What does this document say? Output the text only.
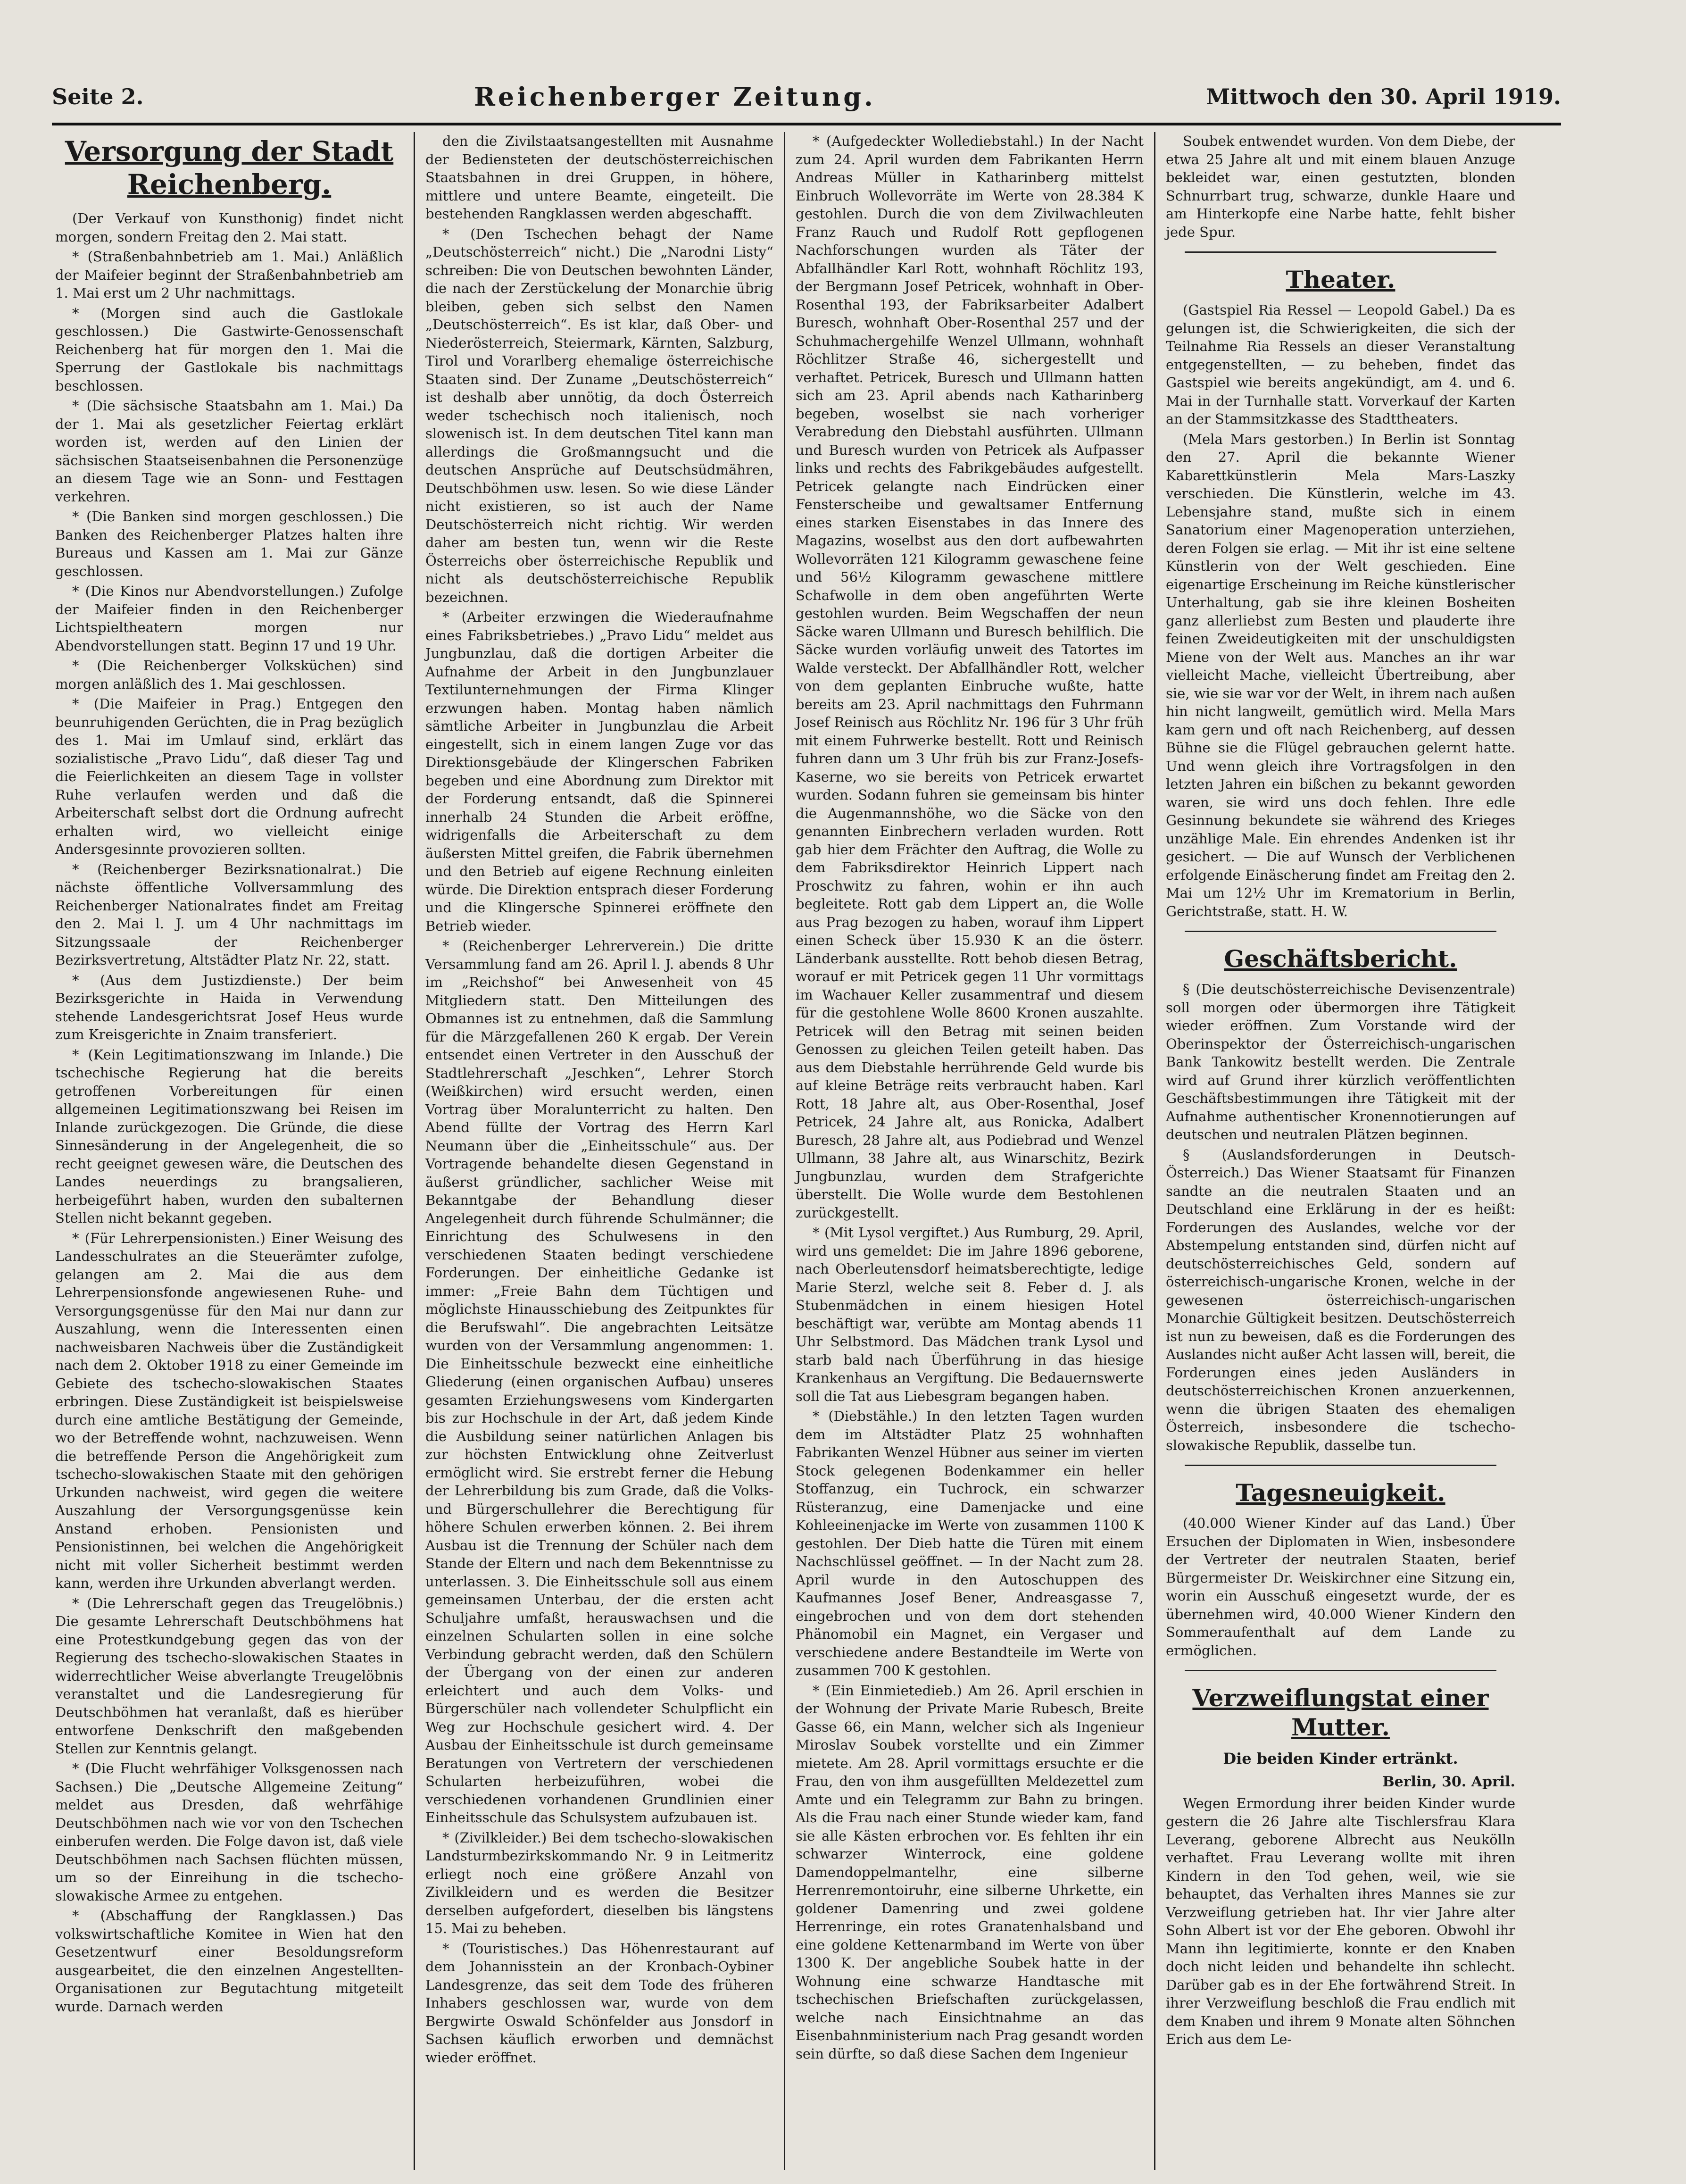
Seite 2.	Reichenberger Zeitung.	Mittwoch den 30. April 1919.
Versorgung der Stadt Reichenberg.

(Der Verkauf von Kunsthonig) findet nicht morgen, sondern Freitag den 2. Mai statt.

* (Straßenbahnbetrieb am 1. Mai.) Anläßlich der Maifeier beginnt der Straßenbahnbetrieb am 1. Mai erst um 2 Uhr nachmittags.

* (Morgen sind auch die Gastlokale geschlossen.) Die Gastwirte-Genossenschaft Reichenberg hat für morgen den 1. Mai die Sperrung der Gastlokale bis nachmittags beschlossen.

* (Die sächsische Staatsbahn am 1. Mai.) Da der 1. Mai als gesetzlicher Feiertag erklärt worden ist, werden auf den Linien der sächsischen Staatseisenbahnen die Personenzüge an diesem Tage wie an Sonn- und Festtagen verkehren.

* (Die Banken sind morgen geschlossen.) Die Banken des Reichenberger Platzes halten ihre Bureaus und Kassen am 1. Mai zur Gänze geschlossen.

* (Die Kinos nur Abendvorstellungen.) Zufolge der Maifeier finden in den Reichenberger Lichtspieltheatern morgen nur Abendvorstellungen statt. Beginn 17 und 19 Uhr.

* (Die Reichenberger Volksküchen) sind morgen anläßlich des 1. Mai geschlossen.

* (Die Maifeier in Prag.) Entgegen den beunruhigenden Gerüchten, die in Prag bezüglich des 1. Mai im Umlauf sind, erklärt das sozialistische „Pravo Lidu“, daß dieser Tag und die Feierlichkeiten an diesem Tage in vollster Ruhe verlaufen werden und daß die Arbeiterschaft selbst dort die Ordnung aufrecht erhalten wird, wo vielleicht einige Andersgesinnte provozieren sollten.

* (Reichenberger Bezirksnationalrat.) Die nächste öffentliche Vollversammlung des Reichenberger Nationalrates findet am Freitag den 2. Mai l. J. um 4 Uhr nachmittags im Sitzungssaale der Reichenberger Bezirksvertretung, Altstädter Platz Nr. 22, statt.

* (Aus dem Justizdienste.) Der beim Bezirksgerichte in Haida in Verwendung stehende Landesgerichtsrat Josef Heus wurde zum Kreisgerichte in Znaim transferiert.

* (Kein Legitimationszwang im Inlande.) Die tschechische Regierung hat die bereits getroffenen Vorbereitungen für einen allgemeinen Legitimationszwang bei Reisen im Inlande zurückgezogen. Die Gründe, die diese Sinnesänderung in der Angelegenheit, die so recht geeignet gewesen wäre, die Deutschen des Landes neuerdings zu brangsalieren, herbeigeführt haben, wurden den subalternen Stellen nicht bekannt gegeben.

* (Für Lehrerpensionisten.) Einer Weisung des Landesschulrates an die Steuerämter zufolge, gelangen am 2. Mai die aus dem Lehrerpensionsfonde angewiesenen Ruhe- und Versorgungsgenüsse für den Mai nur dann zur Auszahlung, wenn die Interessenten einen nachweisbaren Nachweis über die Zuständigkeit nach dem 2. Oktober 1918 zu einer Gemeinde im Gebiete des tschecho-slowakischen Staates erbringen. Diese Zuständigkeit ist beispielsweise durch eine amtliche Bestätigung der Gemeinde, wo der Betreffende wohnt, nachzuweisen. Wenn die betreffende Person die Angehörigkeit zum tschecho-slowakischen Staate mit den gehörigen Urkunden nachweist, wird gegen die weitere Auszahlung der Versorgungsgenüsse kein Anstand erhoben. Pensionisten und Pensionistinnen, bei welchen die Angehörigkeit nicht mit voller Sicherheit bestimmt werden kann, werden ihre Urkunden abverlangt werden.

* (Die Lehrerschaft gegen das Treugelöbnis.) Die gesamte Lehrerschaft Deutschböhmens hat eine Protestkundgebung gegen das von der Regierung des tschecho-slowakischen Staates in widerrechtlicher Weise abverlangte Treugelöbnis veranstaltet und die Landesregierung für Deutschböhmen hat veranlaßt, daß es hierüber entworfene Denkschrift den maßgebenden Stellen zur Kenntnis gelangt.

* (Die Flucht wehrfähiger Volksgenossen nach Sachsen.) Die „Deutsche Allgemeine Zeitung“ meldet aus Dresden, daß wehrfähige Deutschböhmen nach wie vor von den Tschechen einberufen werden. Die Folge davon ist, daß viele Deutschböhmen nach Sachsen flüchten müssen, um so der Einreihung in die tschecho-slowakische Armee zu entgehen.

* (Abschaffung der Rangklassen.) Das volkswirtschaftliche Komitee in Wien hat den Gesetzentwurf einer Besoldungsreform ausgearbeitet, die den einzelnen Angestellten-Organisationen zur Begutachtung mitgeteilt wurde. Darnach werden

den die Zivilstaatsangestellten mit Ausnahme der Bediensteten der deutschösterreichischen Staatsbahnen in drei Gruppen, in höhere, mittlere und untere Beamte, eingeteilt. Die bestehenden Rangklassen werden abgeschafft.

* (Den Tschechen behagt der Name „Deutschösterreich“ nicht.) Die „Narodni Listy“ schreiben: Die von Deutschen bewohnten Länder, die nach der Zerstückelung der Monarchie übrig bleiben, geben sich selbst den Namen „Deutschösterreich“. Es ist klar, daß Ober- und Niederösterreich, Steiermark, Kärnten, Salzburg, Tirol und Vorarlberg ehemalige österreichische Staaten sind. Der Zuname „Deutschösterreich“ ist deshalb aber unnötig, da doch Österreich weder tschechisch noch italienisch, noch slowenisch ist. In dem deutschen Titel kann man allerdings die Großmanngsucht und die deutschen Ansprüche auf Deutschsüdmähren, Deutschböhmen usw. lesen. So wie diese Länder nicht existieren, so ist auch der Name Deutschösterreich nicht richtig. Wir werden daher am besten tun, wenn wir die Reste Österreichs ober österreichische Republik und nicht als deutschösterreichische Republik bezeichnen.

* (Arbeiter erzwingen die Wiederaufnahme eines Fabriksbetriebes.) „Pravo Lidu“ meldet aus Jungbunzlau, daß die dortigen Arbeiter die Aufnahme der Arbeit in den Jungbunzlauer Textilunternehmungen der Firma Klinger erzwungen haben. Montag haben nämlich sämtliche Arbeiter in Jungbunzlau die Arbeit eingestellt, sich in einem langen Zuge vor das Direktionsgebäude der Klingerschen Fabriken begeben und eine Abordnung zum Direktor mit der Forderung entsandt, daß die Spinnerei innerhalb 24 Stunden die Arbeit eröffne, widrigenfalls die Arbeiterschaft zu dem äußersten Mittel greifen, die Fabrik übernehmen und den Betrieb auf eigene Rechnung einleiten würde. Die Direktion entsprach dieser Forderung und die Klingersche Spinnerei eröffnete den Betrieb wieder.

* (Reichenberger Lehrerverein.) Die dritte Versammlung fand am 26. April l. J. abends 8 Uhr im „Reichshof“ bei Anwesenheit von 45 Mitgliedern statt. Den Mitteilungen des Obmannes ist zu entnehmen, daß die Sammlung für die Märzgefallenen 260 K ergab. Der Verein entsendet einen Vertreter in den Ausschuß der Stadtlehrerschaft „Jeschken“, Lehrer Storch (Weißkirchen) wird ersucht werden, einen Vortrag über Moralunterricht zu halten. Den Abend füllte der Vortrag des Herrn Karl Neumann über die „Einheitsschule“ aus. Der Vortragende behandelte diesen Gegenstand in äußerst gründlicher, sachlicher Weise mit Bekanntgabe der Behandlung dieser Angelegenheit durch führende Schulmänner; die Einrichtung des Schulwesens in den verschiedenen Staaten bedingt verschiedene Forderungen. Der einheitliche Gedanke ist immer: „Freie Bahn dem Tüchtigen und möglichste Hinausschiebung des Zeitpunktes für die Berufswahl“. Die angebrachten Leitsätze wurden von der Versammlung angenommen: 1. Die Einheitsschule bezweckt eine einheitliche Gliederung (einen organischen Aufbau) unseres gesamten Erziehungswesens vom Kindergarten bis zur Hochschule in der Art, daß jedem Kinde die Ausbildung seiner natürlichen Anlagen bis zur höchsten Entwicklung ohne Zeitverlust ermöglicht wird. Sie erstrebt ferner die Hebung der Lehrerbildung bis zum Grade, daß die Volks- und Bürgerschullehrer die Berechtigung für höhere Schulen erwerben können. 2. Bei ihrem Ausbau ist die Trennung der Schüler nach dem Stande der Eltern und nach dem Bekenntnisse zu unterlassen. 3. Die Einheitsschule soll aus einem gemeinsamen Unterbau, der die ersten acht Schuljahre umfaßt, herauswachsen und die einzelnen Schularten sollen in eine solche Verbindung gebracht werden, daß den Schülern der Übergang von der einen zur anderen erleichtert und auch dem Volks- und Bürgerschüler nach vollendeter Schulpflicht ein Weg zur Hochschule gesichert wird. 4. Der Ausbau der Einheitsschule ist durch gemeinsame Beratungen von Vertretern der verschiedenen Schularten herbeizuführen, wobei die verschiedenen vorhandenen Grundlinien einer Einheitsschule das Schulsystem aufzubauen ist.

* (Zivilkleider.) Bei dem tschecho-slowakischen Landsturmbezirkskommando Nr. 9 in Leitmeritz erliegt noch eine größere Anzahl von Zivilkleidern und es werden die Besitzer derselben aufgefordert, dieselben bis längstens 15. Mai zu beheben.

* (Touristisches.) Das Höhenrestaurant auf dem Johannisstein an der Kronbach-Oybiner Landesgrenze, das seit dem Tode des früheren Inhabers geschlossen war, wurde von dem Bergwirte Oswald Schönfelder aus Jonsdorf in Sachsen käuflich erworben und demnächst wieder eröffnet.

* (Aufgedeckter Wollediebstahl.) In der Nacht zum 24. April wurden dem Fabrikanten Herrn Andreas Müller in Katharinberg mittelst Einbruch Wollevorräte im Werte von 28.384 K gestohlen. Durch die von dem Zivilwachleuten Franz Rauch und Rudolf Rott gepflogenen Nachforschungen wurden als Täter der Abfallhändler Karl Rott, wohnhaft Röchlitz 193, der Bergmann Josef Petricek, wohnhaft in Ober-Rosenthal 193, der Fabriksarbeiter Adalbert Buresch, wohnhaft Ober-Rosenthal 257 und der Schuhmachergehilfe Wenzel Ullmann, wohnhaft Röchlitzer Straße 46, sichergestellt und verhaftet. Petricek, Buresch und Ullmann hatten sich am 23. April abends nach Katharinberg begeben, woselbst sie nach vorheriger Verabredung den Diebstahl ausführten. Ullmann und Buresch wurden von Petricek als Aufpasser links und rechts des Fabrikgebäudes aufgestellt. Petricek gelangte nach Eindrücken einer Fensterscheibe und gewaltsamer Entfernung eines starken Eisenstabes in das Innere des Magazins, woselbst aus den dort aufbewahrten Wollevorräten 121 Kilogramm gewaschene feine und 56½ Kilogramm gewaschene mittlere Schafwolle in dem oben angeführten Werte gestohlen wurden. Beim Wegschaffen der neun Säcke waren Ullmann und Buresch behilflich. Die Säcke wurden vorläufig unweit des Tatortes im Walde versteckt. Der Abfallhändler Rott, welcher von dem geplanten Einbruche wußte, hatte bereits am 23. April nachmittags den Fuhrmann Josef Reinisch aus Röchlitz Nr. 196 für 3 Uhr früh mit einem Fuhrwerke bestellt. Rott und Reinisch fuhren dann um 3 Uhr früh bis zur Franz-Josefs-Kaserne, wo sie bereits von Petricek erwartet wurden. Sodann fuhren sie gemeinsam bis hinter die Augenmannshöhe, wo die Säcke von den genannten Einbrechern verladen wurden. Rott gab hier dem Frächter den Auftrag, die Wolle zu dem Fabriksdirektor Heinrich Lippert nach Proschwitz zu fahren, wohin er ihn auch begleitete. Rott gab dem Lippert an, die Wolle aus Prag bezogen zu haben, worauf ihm Lippert einen Scheck über 15.930 K an die österr. Länderbank ausstellte. Rott behob diesen Betrag, worauf er mit Petricek gegen 11 Uhr vormittags im Wachauer Keller zusammentraf und diesem für die gestohlene Wolle 8600 Kronen auszahlte. Petricek will den Betrag mit seinen beiden Genossen zu gleichen Teilen geteilt haben. Das aus dem Diebstahle herrührende Geld wurde bis auf kleine Beträge reits verbraucht haben. Karl Rott, 18 Jahre alt, aus Ober-Rosenthal, Josef Petricek, 24 Jahre alt, aus Ronicka, Adalbert Buresch, 28 Jahre alt, aus Podiebrad und Wenzel Ullmann, 38 Jahre alt, aus Winarschitz, Bezirk Jungbunzlau, wurden dem Strafgerichte überstellt. Die Wolle wurde dem Bestohlenen zurückgestellt.

* (Mit Lysol vergiftet.) Aus Rumburg, 29. April, wird uns gemeldet: Die im Jahre 1896 geborene, nach Oberleutensdorf heimatsberechtigte, ledige Marie Sterzl, welche seit 8. Feber d. J. als Stubenmädchen in einem hiesigen Hotel beschäftigt war, verübte am Montag abends 11 Uhr Selbstmord. Das Mädchen trank Lysol und starb bald nach Überführung in das hiesige Krankenhaus an Vergiftung. Die Bedauernswerte soll die Tat aus Liebesgram begangen haben.

* (Diebstähle.) In den letzten Tagen wurden dem im Altstädter Platz 25 wohnhaften Fabrikanten Wenzel Hübner aus seiner im vierten Stock gelegenen Bodenkammer ein heller Stoffanzug, ein Tuchrock, ein schwarzer Rüsteranzug, eine Damenjacke und eine Kohleeinenjacke im Werte von zusammen 1100 K gestohlen. Der Dieb hatte die Türen mit einem Nachschlüssel geöffnet. — In der Nacht zum 28. April wurde in den Autoschuppen des Kaufmannes Josef Bener, Andreasgasse 7, eingebrochen und von dem dort stehenden Phänomobil ein Magnet, ein Vergaser und verschiedene andere Bestandteile im Werte von zusammen 700 K gestohlen.

* (Ein Einmietedieb.) Am 26. April erschien in der Wohnung der Private Marie Rubesch, Breite Gasse 66, ein Mann, welcher sich als Ingenieur Miroslav Soubek vorstellte und ein Zimmer mietete. Am 28. April vormittags ersuchte er die Frau, den von ihm ausgefüllten Meldezettel zum Amte und ein Telegramm zur Bahn zu bringen. Als die Frau nach einer Stunde wieder kam, fand sie alle Kästen erbrochen vor. Es fehlten ihr ein schwarzer Winterrock, eine goldene Damendoppelmantelhr, eine silberne Herrenremontoiruhr, eine silberne Uhrkette, ein goldener Damenring und zwei goldene Herrenringe, ein rotes Granatenhalsband und eine goldene Kettenarmband im Werte von über 1300 K. Der angebliche Soubek hatte in der Wohnung eine schwarze Handtasche mit tschechischen Briefschaften zurückgelassen, welche nach Einsichtnahme an das Eisenbahnministerium nach Prag gesandt worden sein dürfte, so daß diese Sachen dem Ingenieur

Soubek entwendet wurden. Von dem Diebe, der etwa 25 Jahre alt und mit einem blauen Anzuge bekleidet war, einen gestutzten, blonden Schnurrbart trug, schwarze, dunkle Haare und am Hinterkopfe eine Narbe hatte, fehlt bisher jede Spur.

Theater.

(Gastspiel Ria Ressel — Leopold Gabel.) Da es gelungen ist, die Schwierigkeiten, die sich der Teilnahme Ria Ressels an dieser Veranstaltung entgegenstellten, — zu beheben, findet das Gastspiel wie bereits angekündigt, am 4. und 6. Mai in der Turnhalle statt. Vorverkauf der Karten an der Stammsitzkasse des Stadttheaters.

(Mela Mars gestorben.) In Berlin ist Sonntag den 27. April die bekannte Wiener Kabarettkünstlerin Mela Mars-Laszky verschieden. Die Künstlerin, welche im 43. Lebensjahre stand, mußte sich in einem Sanatorium einer Magenoperation unterziehen, deren Folgen sie erlag. — Mit ihr ist eine seltene Künstlerin von der Welt geschieden. Eine eigenartige Erscheinung im Reiche künstlerischer Unterhaltung, gab sie ihre kleinen Bosheiten ganz allerliebst zum Besten und plauderte ihre feinen Zweideutigkeiten mit der unschuldigsten Miene von der Welt aus. Manches an ihr war vielleicht Mache, vielleicht Übertreibung, aber sie, wie sie war vor der Welt, in ihrem nach außen hin nicht langweilt, gemütlich wird. Mella Mars kam gern und oft nach Reichenberg, auf dessen Bühne sie die Flügel gebrauchen gelernt hatte. Und wenn gleich ihre Vortragsfolgen in den letzten Jahren ein bißchen zu bekannt geworden waren, sie wird uns doch fehlen. Ihre edle Gesinnung bekundete sie während des Krieges unzählige Male. Ein ehrendes Andenken ist ihr gesichert. — Die auf Wunsch der Verblichenen erfolgende Einäscherung findet am Freitag den 2. Mai um 12½ Uhr im Krematorium in Berlin, Gerichtstraße, statt. H. W.

Geschäftsbericht.

§ (Die deutschösterreichische Devisenzentrale) soll morgen oder übermorgen ihre Tätigkeit wieder eröffnen. Zum Vorstande wird der Oberinspektor der Österreichisch-ungarischen Bank Tankowitz bestellt werden. Die Zentrale wird auf Grund ihrer kürzlich veröffentlichten Geschäftsbestimmungen ihre Tätigkeit mit der Aufnahme authentischer Kronennotierungen auf deutschen und neutralen Plätzen beginnen.

§ (Auslandsforderungen in Deutsch-Österreich.) Das Wiener Staatsamt für Finanzen sandte an die neutralen Staaten und an Deutschland eine Erklärung in der es heißt: Forderungen des Auslandes, welche vor der Abstempelung entstanden sind, dürfen nicht auf deutschösterreichisches Geld, sondern auf österreichisch-ungarische Kronen, welche in der gewesenen österreichisch-ungarischen Monarchie Gültigkeit besitzen. Deutschösterreich ist nun zu beweisen, daß es die Forderungen des Auslandes nicht außer Acht lassen will, bereit, die Forderungen eines jeden Ausländers in deutschösterreichischen Kronen anzuerkennen, wenn die übrigen Staaten des ehemaligen Österreich, insbesondere die tschecho-slowakische Republik, dasselbe tun.

Tagesneuigkeit.

(40.000 Wiener Kinder auf das Land.) Über Ersuchen der Diplomaten in Wien, insbesondere der Vertreter der neutralen Staaten, berief Bürgermeister Dr. Weiskirchner eine Sitzung ein, worin ein Ausschuß eingesetzt wurde, der es übernehmen wird, 40.000 Wiener Kindern den Sommeraufenthalt auf dem Lande zu ermöglichen.

Verzweiflungstat einer Mutter.
Die beiden Kinder ertränkt.
Berlin, 30. April.

Wegen Ermordung ihrer beiden Kinder wurde gestern die 26 Jahre alte Tischlersfrau Klara Leverang, geborene Albrecht aus Neukölln verhaftet. Frau Leverang wollte mit ihren Kindern in den Tod gehen, weil, wie sie behauptet, das Verhalten ihres Mannes sie zur Verzweiflung getrieben hat. Ihr vier Jahre alter Sohn Albert ist vor der Ehe geboren. Obwohl ihr Mann ihn legitimierte, konnte er den Knaben doch nicht leiden und behandelte ihn schlecht. Darüber gab es in der Ehe fortwährend Streit. In ihrer Verzweiflung beschloß die Frau endlich mit dem Knaben und ihrem 9 Monate alten Söhnchen Erich aus dem Le-
